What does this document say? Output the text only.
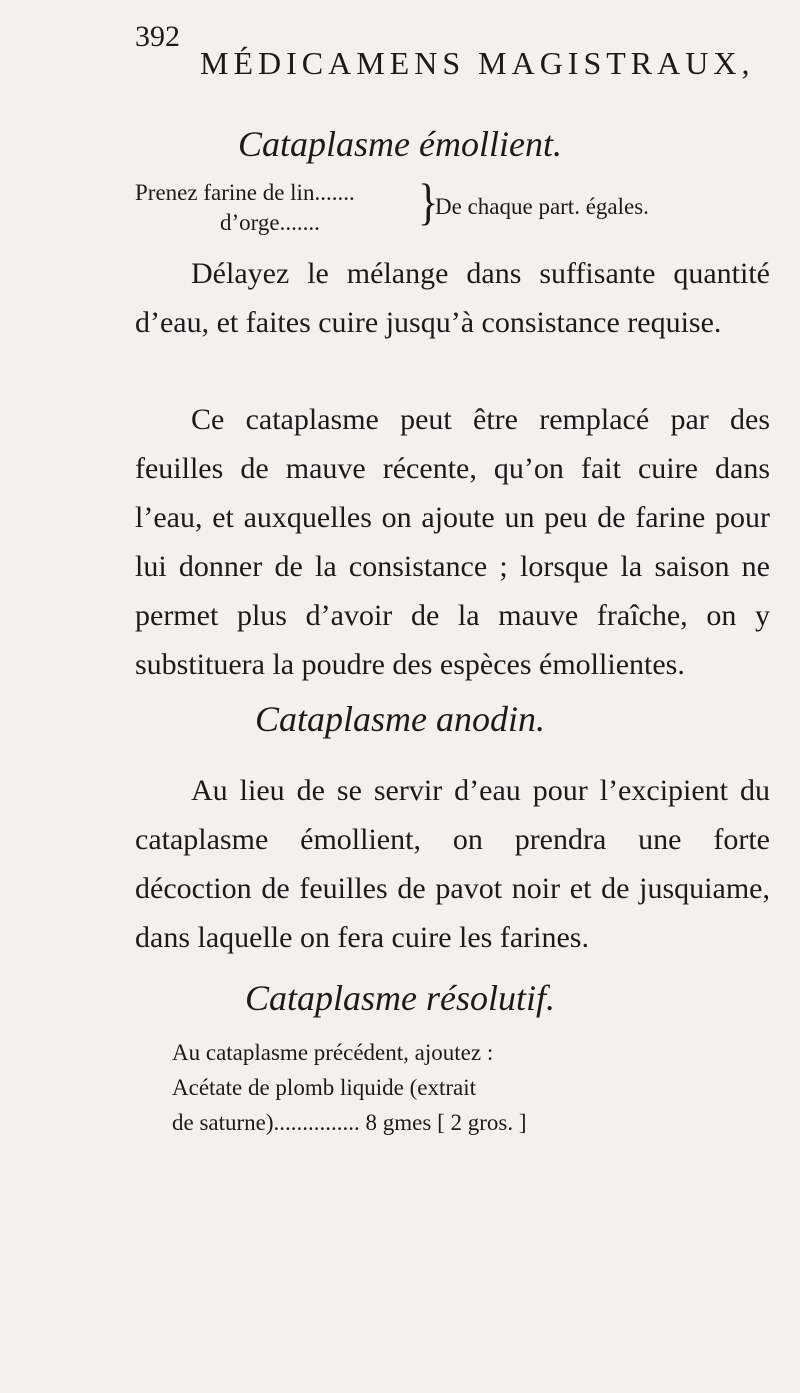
392
MÉDICAMENS MAGISTRAUX,
Cataplasme émollient.
Prenez farine de lin.......
d’orge....... }
De chaque part. égales.

Délayez le mélange dans suffisante quantité d’eau, et faites cuire jusqu’à consistance requise.

Ce cataplasme peut être remplacé par des feuilles de mauve récente, qu’on fait cuire dans l’eau, et auxquelles on ajoute un peu de farine pour lui donner de la consistance ; lorsque la saison ne permet plus d’avoir de la mauve fraîche, on y substituera la poudre des espèces émollientes.

Cataplasme anodin.

Au lieu de se servir d’eau pour l’excipient du cataplasme émollient, on prendra une forte décoction de feuilles de pavot noir et de jusquiame, dans laquelle on fera cuire les farines.

Cataplasme résolutif.
Au cataplasme précédent, ajoutez :
Acétate de plomb liquide (extrait
de saturne)............... 8 gmes [ 2 gros. ]
